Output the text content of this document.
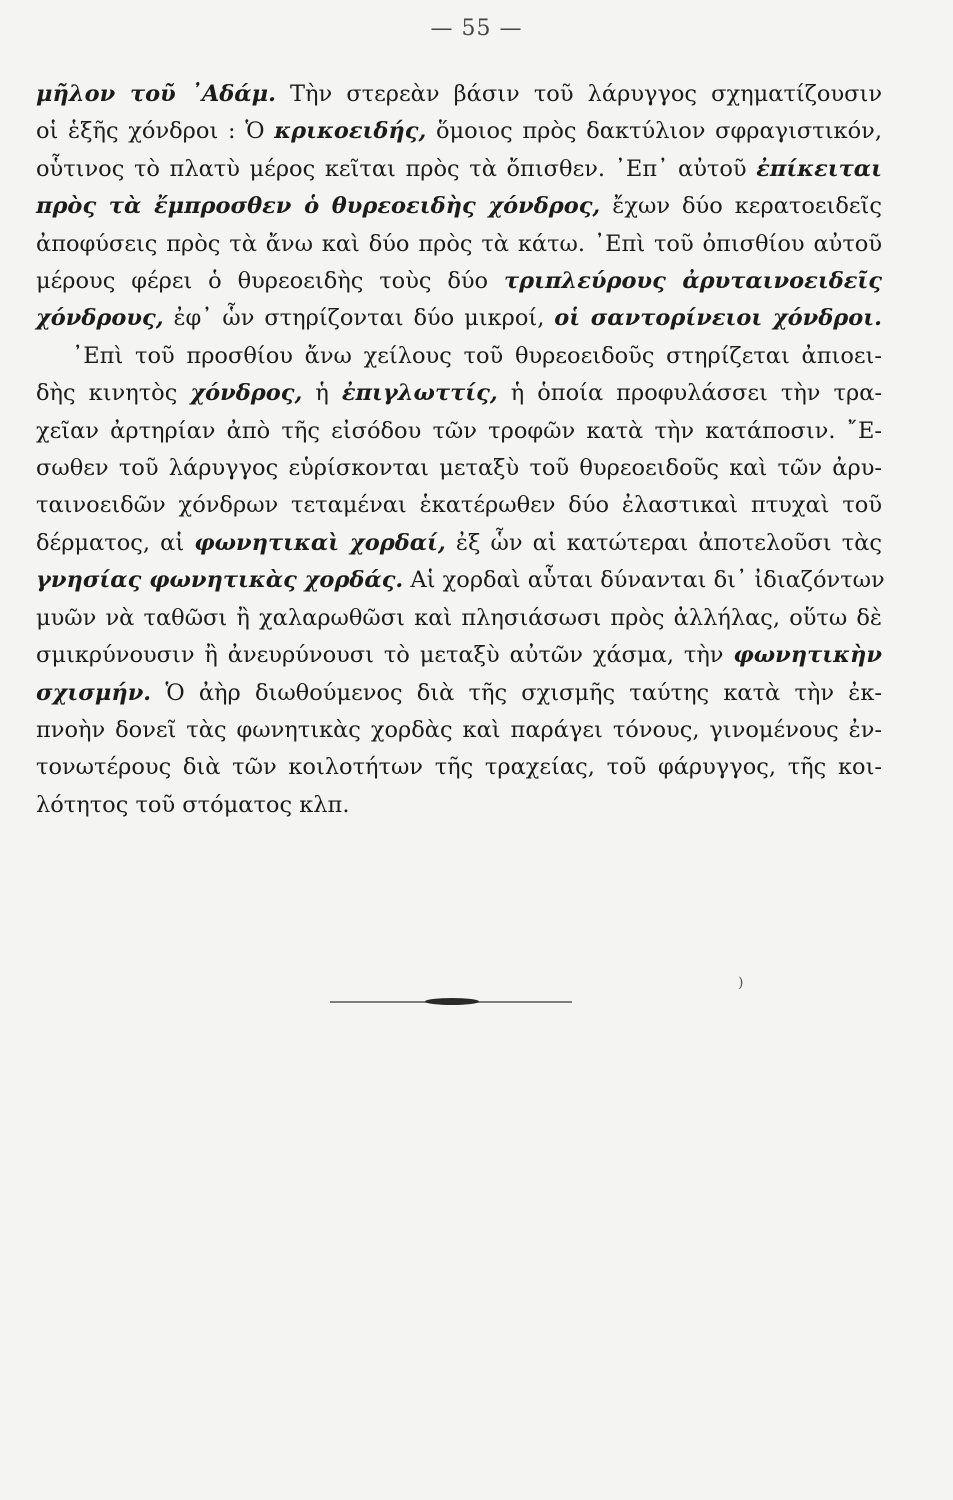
— 55 —
μῆλον τοῦ ᾿Αδάμ. Τὴν στερεὰν βάσιν τοῦ λάρυγγος σχηματίζουσιν
οἱ ἑξῆς χόνδροι : Ὁ κρικοειδής, ὅμοιος πρὸς δακτύλιον σφραγιστικόν,
οὗτινος τὸ πλατὺ μέρος κεῖται πρὸς τὰ ὄπισθεν. ᾿Επ᾿ αὐτοῦ ἐπίκειται
πρὸς τὰ ἔμπροσθεν ὁ θυρεοειδὴς χόνδρος, ἔχων δύο κερατοειδεῖς
ἀποφύσεις πρὸς τὰ ἄνω καὶ δύο πρὸς τὰ κάτω. ᾿Επὶ τοῦ ὀπισθίου αὐτοῦ
μέρους φέρει ὁ θυρεοειδὴς τοὺς δύο τριπλεύρους ἀρυταινοειδεῖς
χόνδρους, ἐφ᾿ ὧν στηρίζονται δύο μικροί, οἱ σαντορίνειοι χόνδροι.
᾿Επὶ τοῦ προσθίου ἄνω χείλους τοῦ θυρεοειδοῦς στηρίζεται ἀπιοει-
δὴς κινητὸς χόνδρος, ἡ ἐπιγλωττίς, ἡ ὁποία προφυλάσσει τὴν τρα-
χεῖαν ἀρτηρίαν ἀπὸ τῆς εἰσόδου τῶν τροφῶν κατὰ τὴν κατάποσιν. ῎Ε-
σωθεν τοῦ λάρυγγος εὑρίσκονται μεταξὺ τοῦ θυρεοειδοῦς καὶ τῶν ἀρυ-
ταινοειδῶν χόνδρων τεταμέναι ἑκατέρωθεν δύο ἐλαστικαὶ πτυχαὶ τοῦ
δέρματος, αἱ φωνητικαὶ χορδαί, ἐξ ὧν αἱ κατώτεραι ἀποτελοῦσι τὰς
γνησίας φωνητικὰς χορδάς. Αἱ χορδαὶ αὗται δύνανται δι᾿ ἰδιαζόντων
μυῶν νὰ ταθῶσι ἢ χαλαρωθῶσι καὶ πλησιάσωσι πρὸς ἀλλήλας, οὕτω δὲ
σμικρύνουσιν ἢ ἀνευρύνουσι τὸ μεταξὺ αὐτῶν χάσμα, τὴν φωνητικὴν
σχισμήν. Ὁ ἀὴρ διωθούμενος διὰ τῆς σχισμῆς ταύτης κατὰ τὴν ἐκ-
πνοὴν δονεῖ τὰς φωνητικὰς χορδὰς καὶ παράγει τόνους, γινομένους ἐν-
τονωτέρους διὰ τῶν κοιλοτήτων τῆς τραχείας, τοῦ φάρυγγος, τῆς κοι-
λότητος τοῦ στόματος κλπ.
)
